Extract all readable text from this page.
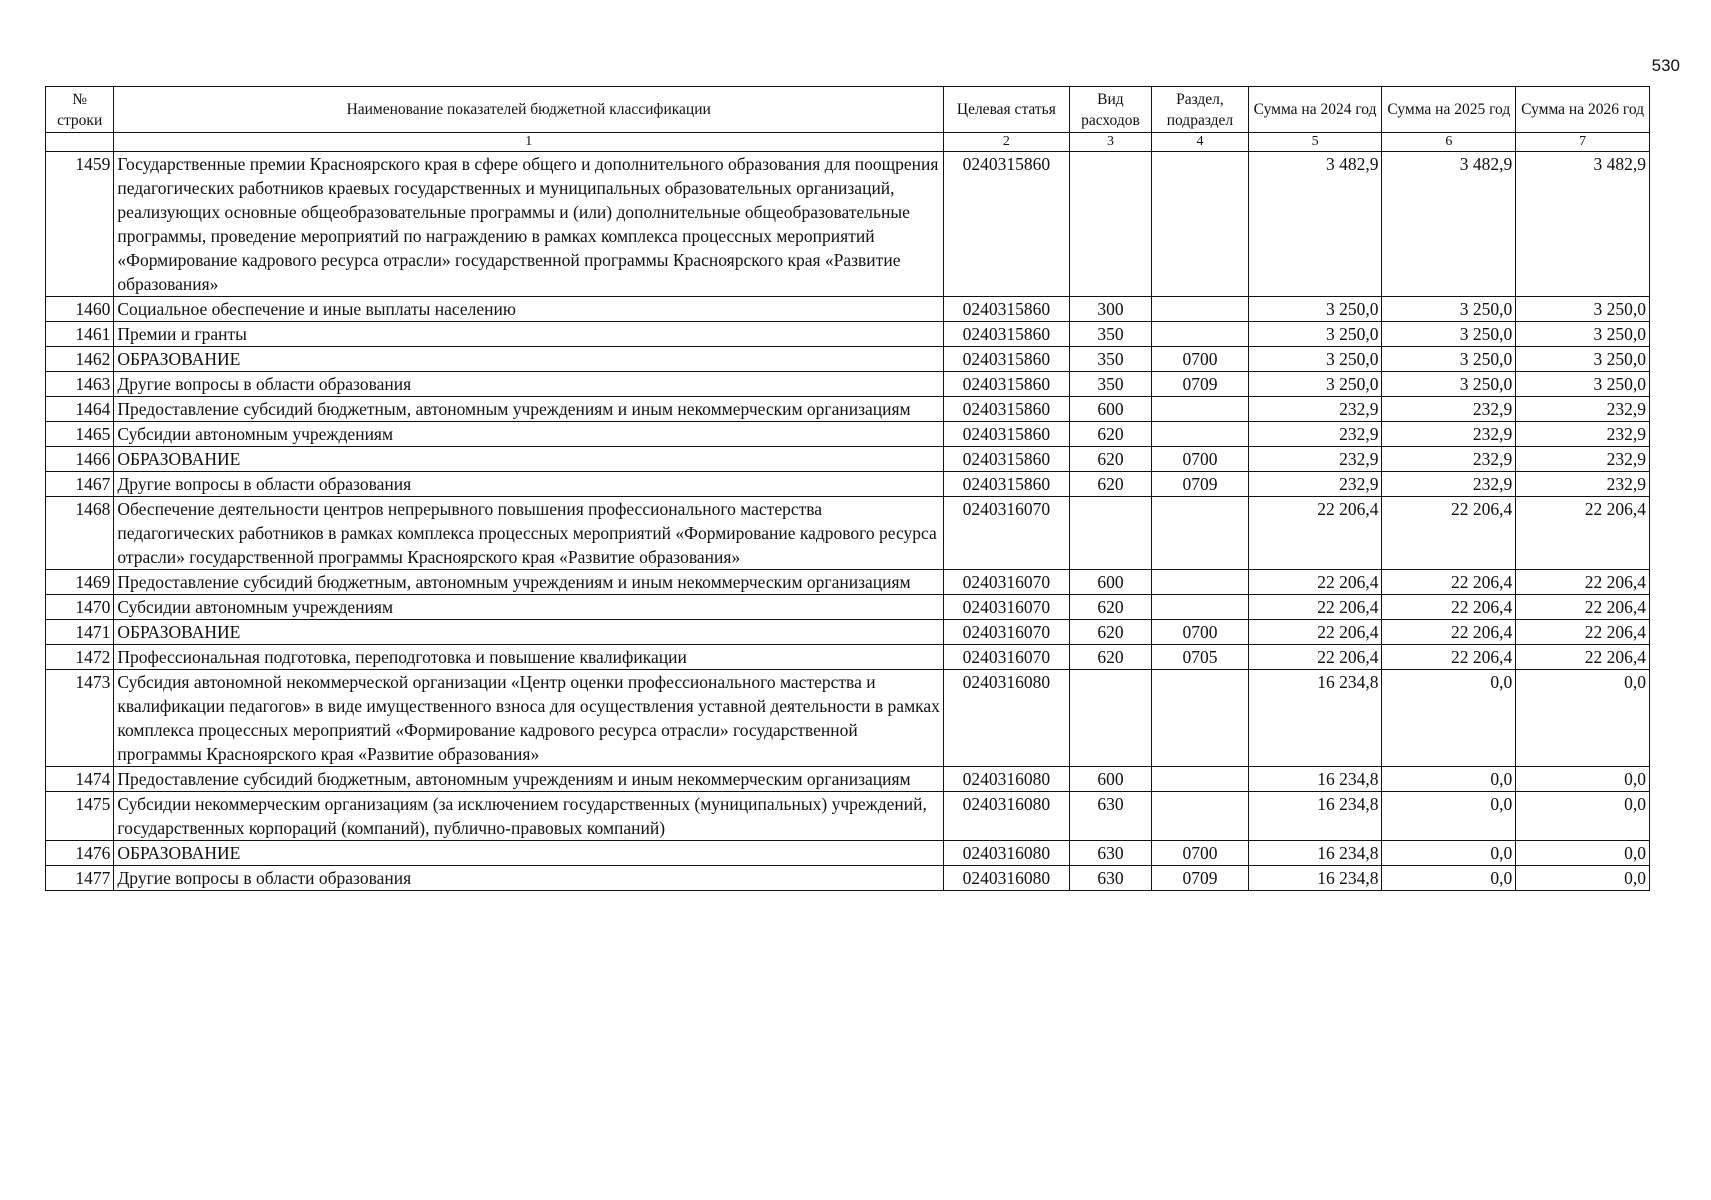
530
№ строки	Наименование показателей бюджетной классификации	Целевая статья	Вид расходов	Раздел, подраздел	Сумма на 2024 год	Сумма на 2025 год	Сумма на 2026 год
	1	2	3	4	5	6	7
1459	Государственные премии Красноярского края в сфере общего и дополнительного образования для поощрения педагогических работников краевых государственных и муниципальных образовательных организаций, реализующих основные общеобразовательные программы и (или) дополнительные общеобразовательные программы, проведение мероприятий по награждению в рамках комплекса процессных мероприятий «Формирование кадрового ресурса отрасли» государственной программы Красноярского края «Развитие образования»	0240315860			3 482,9	3 482,9	3 482,9
1460	Социальное обеспечение и иные выплаты населению	0240315860	300		3 250,0	3 250,0	3 250,0
1461	Премии и гранты	0240315860	350		3 250,0	3 250,0	3 250,0
1462	ОБРАЗОВАНИЕ	0240315860	350	0700	3 250,0	3 250,0	3 250,0
1463	Другие вопросы в области образования	0240315860	350	0709	3 250,0	3 250,0	3 250,0
1464	Предоставление субсидий бюджетным, автономным учреждениям и иным некоммерческим организациям	0240315860	600		232,9	232,9	232,9
1465	Субсидии автономным учреждениям	0240315860	620		232,9	232,9	232,9
1466	ОБРАЗОВАНИЕ	0240315860	620	0700	232,9	232,9	232,9
1467	Другие вопросы в области образования	0240315860	620	0709	232,9	232,9	232,9
1468	Обеспечение деятельности центров непрерывного повышения профессионального мастерства педагогических работников в рамках комплекса процессных мероприятий «Формирование кадрового ресурса отрасли» государственной программы Красноярского края «Развитие образования»	0240316070			22 206,4	22 206,4	22 206,4
1469	Предоставление субсидий бюджетным, автономным учреждениям и иным некоммерческим организациям	0240316070	600		22 206,4	22 206,4	22 206,4
1470	Субсидии автономным учреждениям	0240316070	620		22 206,4	22 206,4	22 206,4
1471	ОБРАЗОВАНИЕ	0240316070	620	0700	22 206,4	22 206,4	22 206,4
1472	Профессиональная подготовка, переподготовка и повышение квалификации	0240316070	620	0705	22 206,4	22 206,4	22 206,4
1473	Субсидия автономной некоммерческой организации «Центр оценки профессионального мастерства и квалификации педагогов» в виде имущественного взноса для осуществления уставной деятельности в рамках комплекса процессных мероприятий «Формирование кадрового ресурса отрасли» государственной программы Красноярского края «Развитие образования»	0240316080			16 234,8	0,0	0,0
1474	Предоставление субсидий бюджетным, автономным учреждениям и иным некоммерческим организациям	0240316080	600		16 234,8	0,0	0,0
1475	Субсидии некоммерческим организациям (за исключением государственных (муниципальных) учреждений, государственных корпораций (компаний), публично-правовых компаний)	0240316080	630		16 234,8	0,0	0,0
1476	ОБРАЗОВАНИЕ	0240316080	630	0700	16 234,8	0,0	0,0
1477	Другие вопросы в области образования	0240316080	630	0709	16 234,8	0,0	0,0
